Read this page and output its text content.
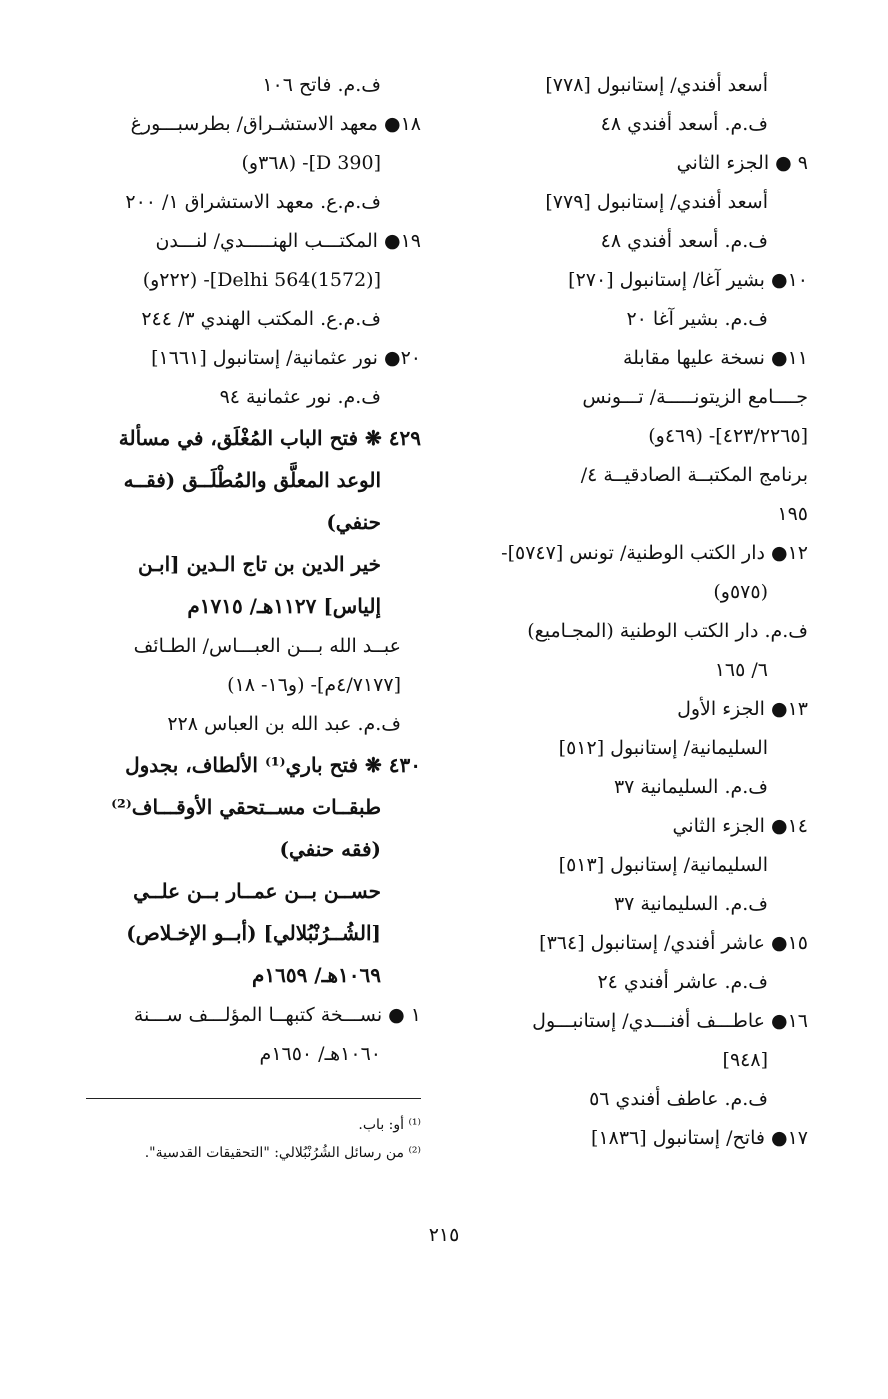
أسعد أفندي/ إستانبول [٧٧٨]
ف.م. أسعد أفندي ٤٨
٩ ● الجزء الثاني
أسعد أفندي/ إستانبول [٧٧٩]
ف.م. أسعد أفندي ٤٨
١٠● بشير آغا/ إستانبول [٢٧٠]
ف.م. بشير آغا ٢٠
١١● نسخة عليها مقابلة
جــــامع الزيتونـــــة/ تـــونس
[٤٢٣/٢٢٦٥]- (٤٦٩و)
برنامج المكتبــة الصادقيــة ٤/
١٩٥
١٢● دار الكتب الوطنية/ تونس [٥٧٤٧]-
(٥٧٥و)
ف.م. دار الكتب الوطنية (المجـاميع)
٦/ ١٦٥
١٣● الجزء الأول
السليمانية/ إستانبول [٥١٢]
ف.م. السليمانية ٣٧
١٤● الجزء الثاني
السليمانية/ إستانبول [٥١٣]
ف.م. السليمانية ٣٧
١٥● عاشر أفندي/ إستانبول [٣٦٤]
ف.م. عاشر أفندي ٢٤
١٦● عاطـــف أفنـــدي/ إستانبـــول
[٩٤٨]
ف.م. عاطف أفندي ٥٦
١٧● فاتح/ إستانبول [١٨٣٦]
ف.م. فاتح ١٠٦
١٨● معهد الاستشـراق/ بطرسبـــورغ
[D 390]- (٣٦٨و)
ف.م.ع. معهد الاستشراق ١/ ٢٠٠
١٩● المكتـــب الهنـــــدي/ لنـــدن
[(1572)Delhi 564]- (٢٢٢و)
ف.م.ع. المكتب الهندي ٣/ ٢٤٤
٢٠● نور عثمانية/ إستانبول [١٦٦١]
ف.م. نور عثمانية ٩٤
٤٢٩ ❋ فتح الباب المُغْلَق، في مسألة
الوعد المعلَّق والمُطْلَــق (فقــه
حنفي)
خير الدين بن تاج الـدين [ابـن
إلياس] ١١٢٧هـ/ ١٧١٥م
عبــد الله بـــن العبـــاس/ الطـائف
[٤/٧١٧٧م]- (و١٦- ١٨)
ف.م. عبد الله بن العباس ٢٢٨
٤٣٠ ❋ فتح باري⁽¹⁾ الألطاف، بجدول
طبقــات مســتحقي الأوقـــاف⁽²⁾
(فقه حنفي)
حســن بــن عمــار بــن علــي
[الشُــرُنْبُلالي] (أبــو الإخـلاص)
١٠٦٩هـ/ ١٦٥٩م
١ ● نســـخة كتبهــا المؤلـــف ســـنة
١٠٦٠هـ/ ١٦٥٠م
⁽¹⁾ أو: باب.
⁽²⁾ من رسائل الشُرُنْبُلالي: "التحقيقات القدسية".
٢١٥
